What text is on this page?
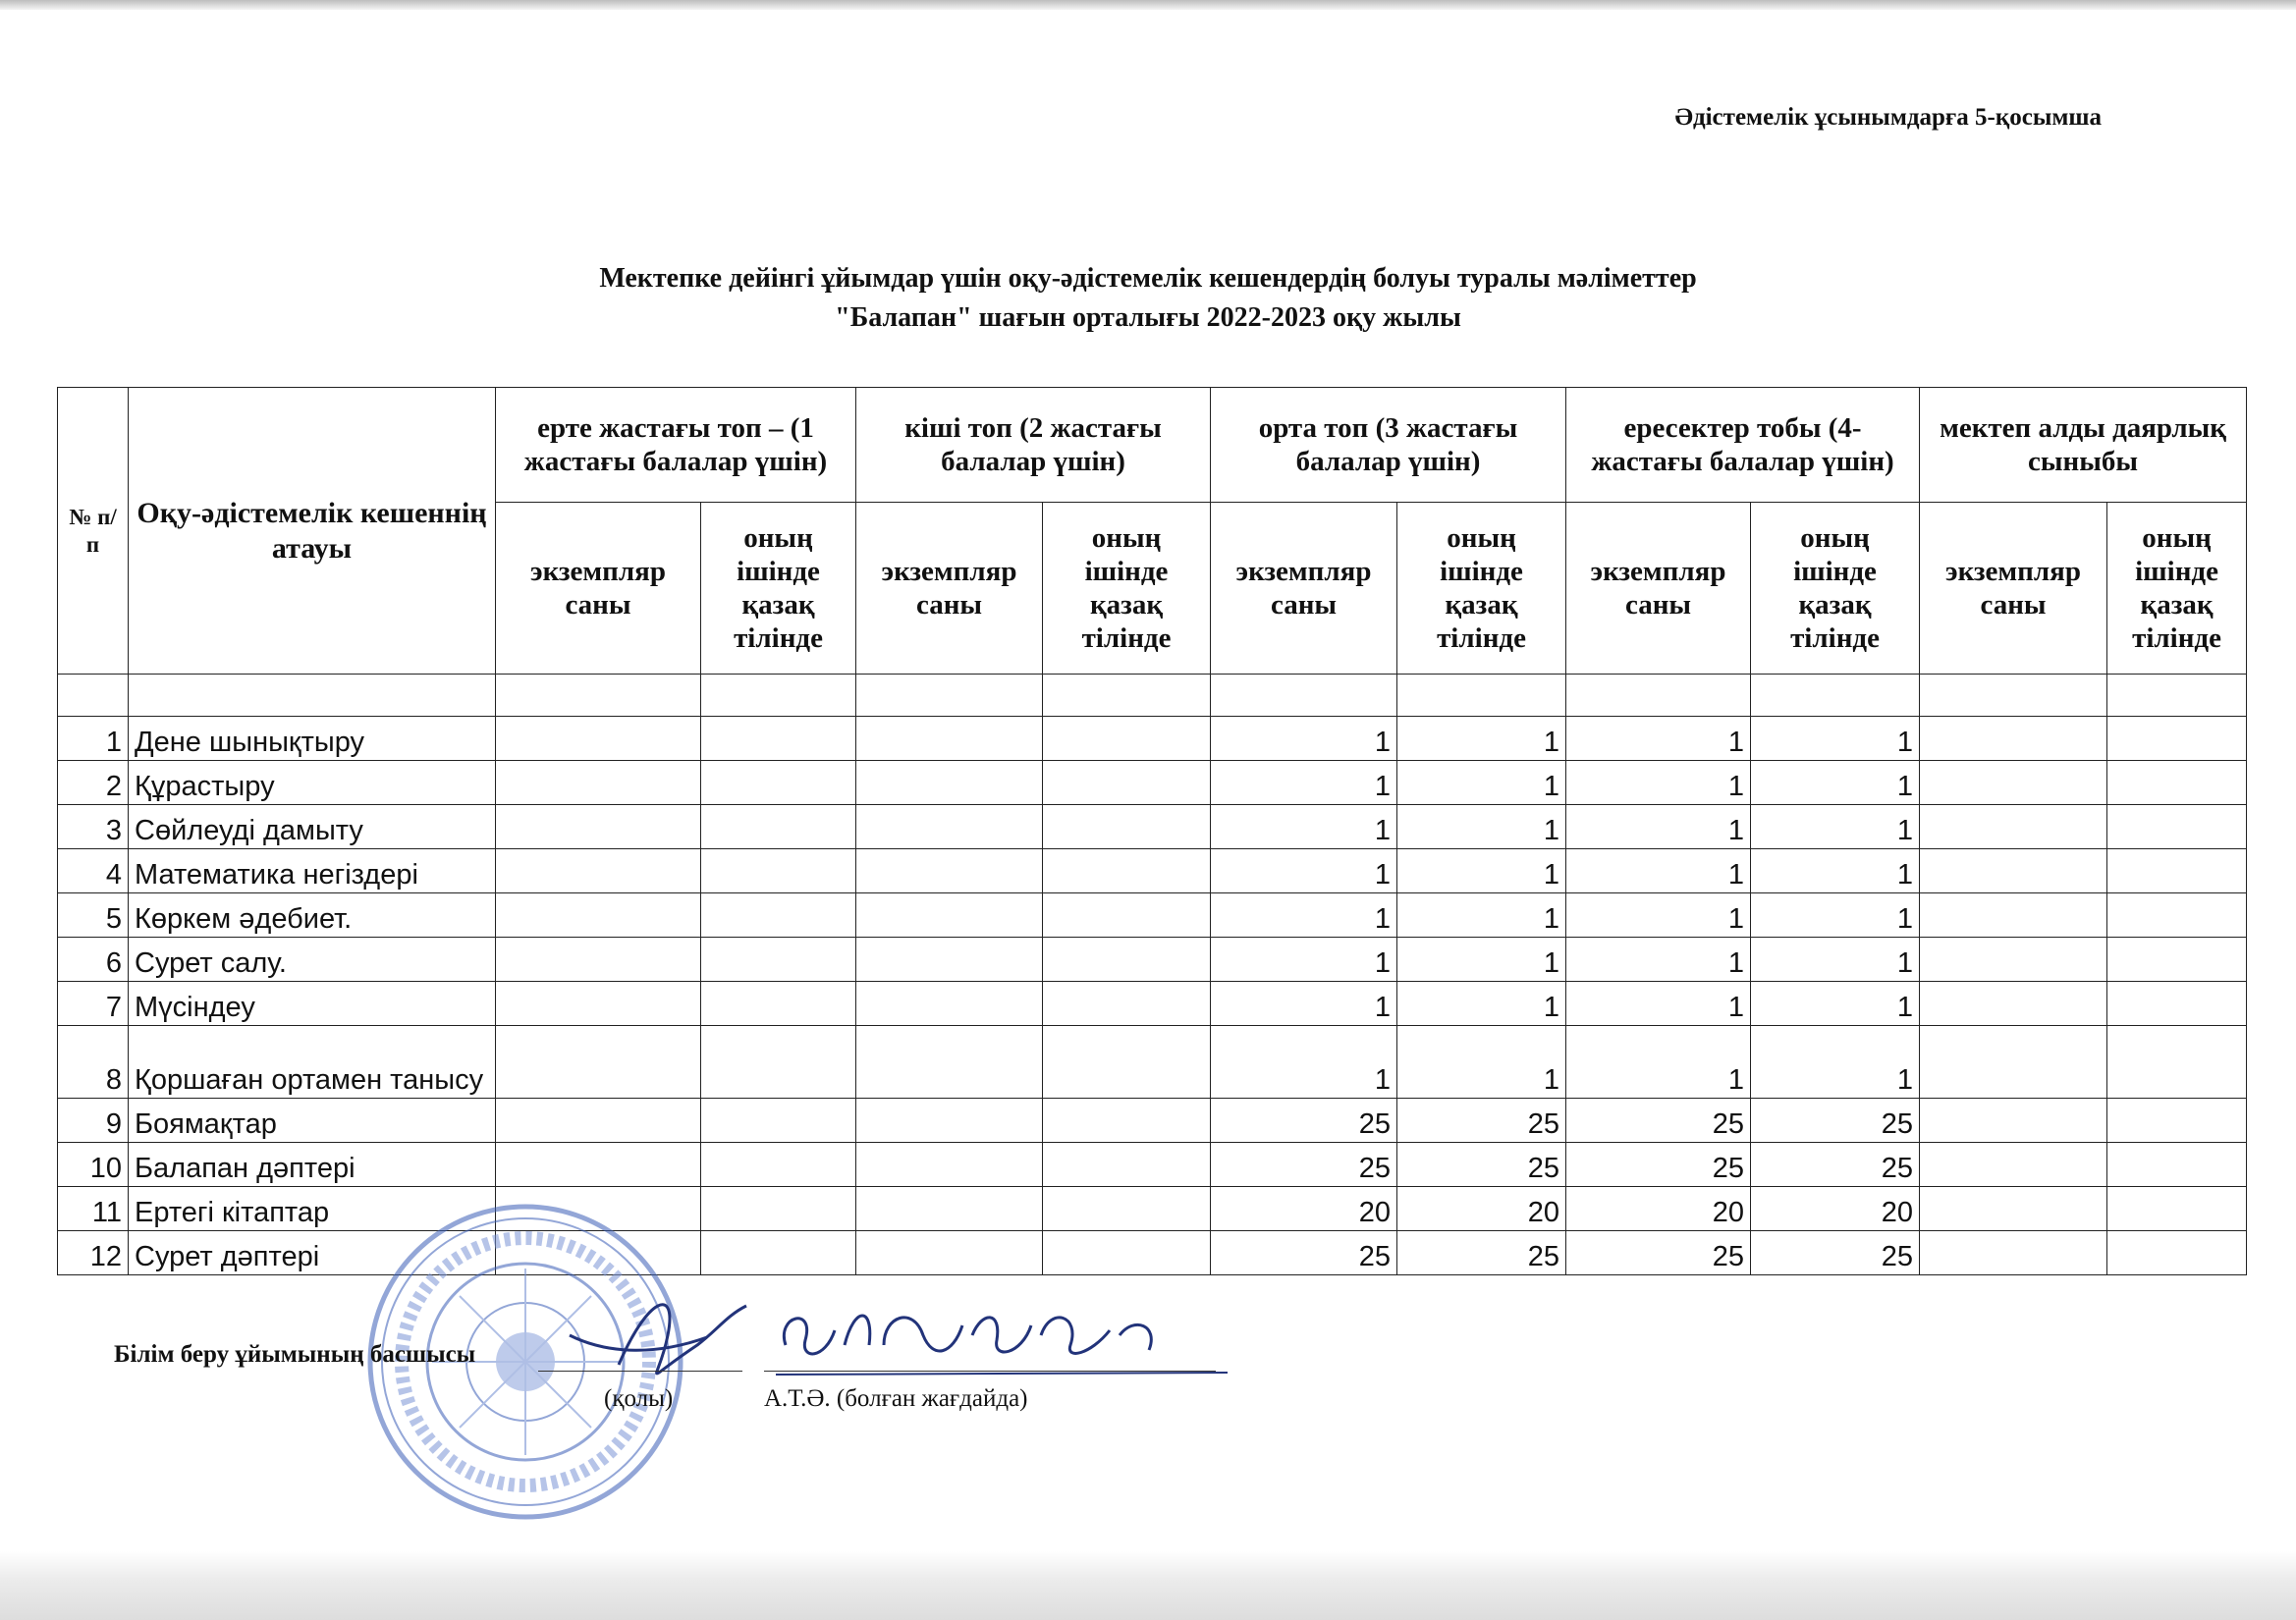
Әдістемелік ұсынымдарға 5-қосымша
Мектепке дейінгі ұйымдар үшін оқу-әдістемелік кешендердің болуы туралы мәліметтер
"Балапан" шағын орталығы 2022-2023 оқу жылы
№ п/п	Оқу-әдістемелік кешеннің атауы	ерте жастағы топ – (1 жастағы балалар үшін)		кіші топ (2 жастағы балалар үшін)		орта топ (3 жастағы балалар үшін)		ересектер тобы (4-жастағы балалар үшін)		мектеп алды даярлық сыныбы	
		экземпляр саны	оның ішінде қазақ тілінде	экземпляр саны	оның ішінде қазақ тілінде	экземпляр саны	оның ішінде қазақ тілінде	экземпляр саны	оның ішінде қазақ тілінде	экземпляр саны	оның ішінде қазақ тілінде

1	Дене шынықтыру					1	1	1	1		
2	Құрастыру					1	1	1	1		
3	Сөйлеуді дамыту					1	1	1	1		
4	Математика негіздері					1	1	1	1		
5	Көркем әдебиет.					1	1	1	1		
6	Сурет салу.					1	1	1	1		
7	Мүсіндеу					1	1	1	1		
8	Қоршаған ортамен танысу					1	1	1	1		
9	Боямақтар					25	25	25	25		
10	Балапан дәптері					25	25	25	25		
11	Ертегі кітаптар					20	20	20	20		
12	Сурет дәптері					25	25	25	25		
Білім беру ұйымының басшысы
(қолы)	А.Т.Ә. (болған жағдайда)
